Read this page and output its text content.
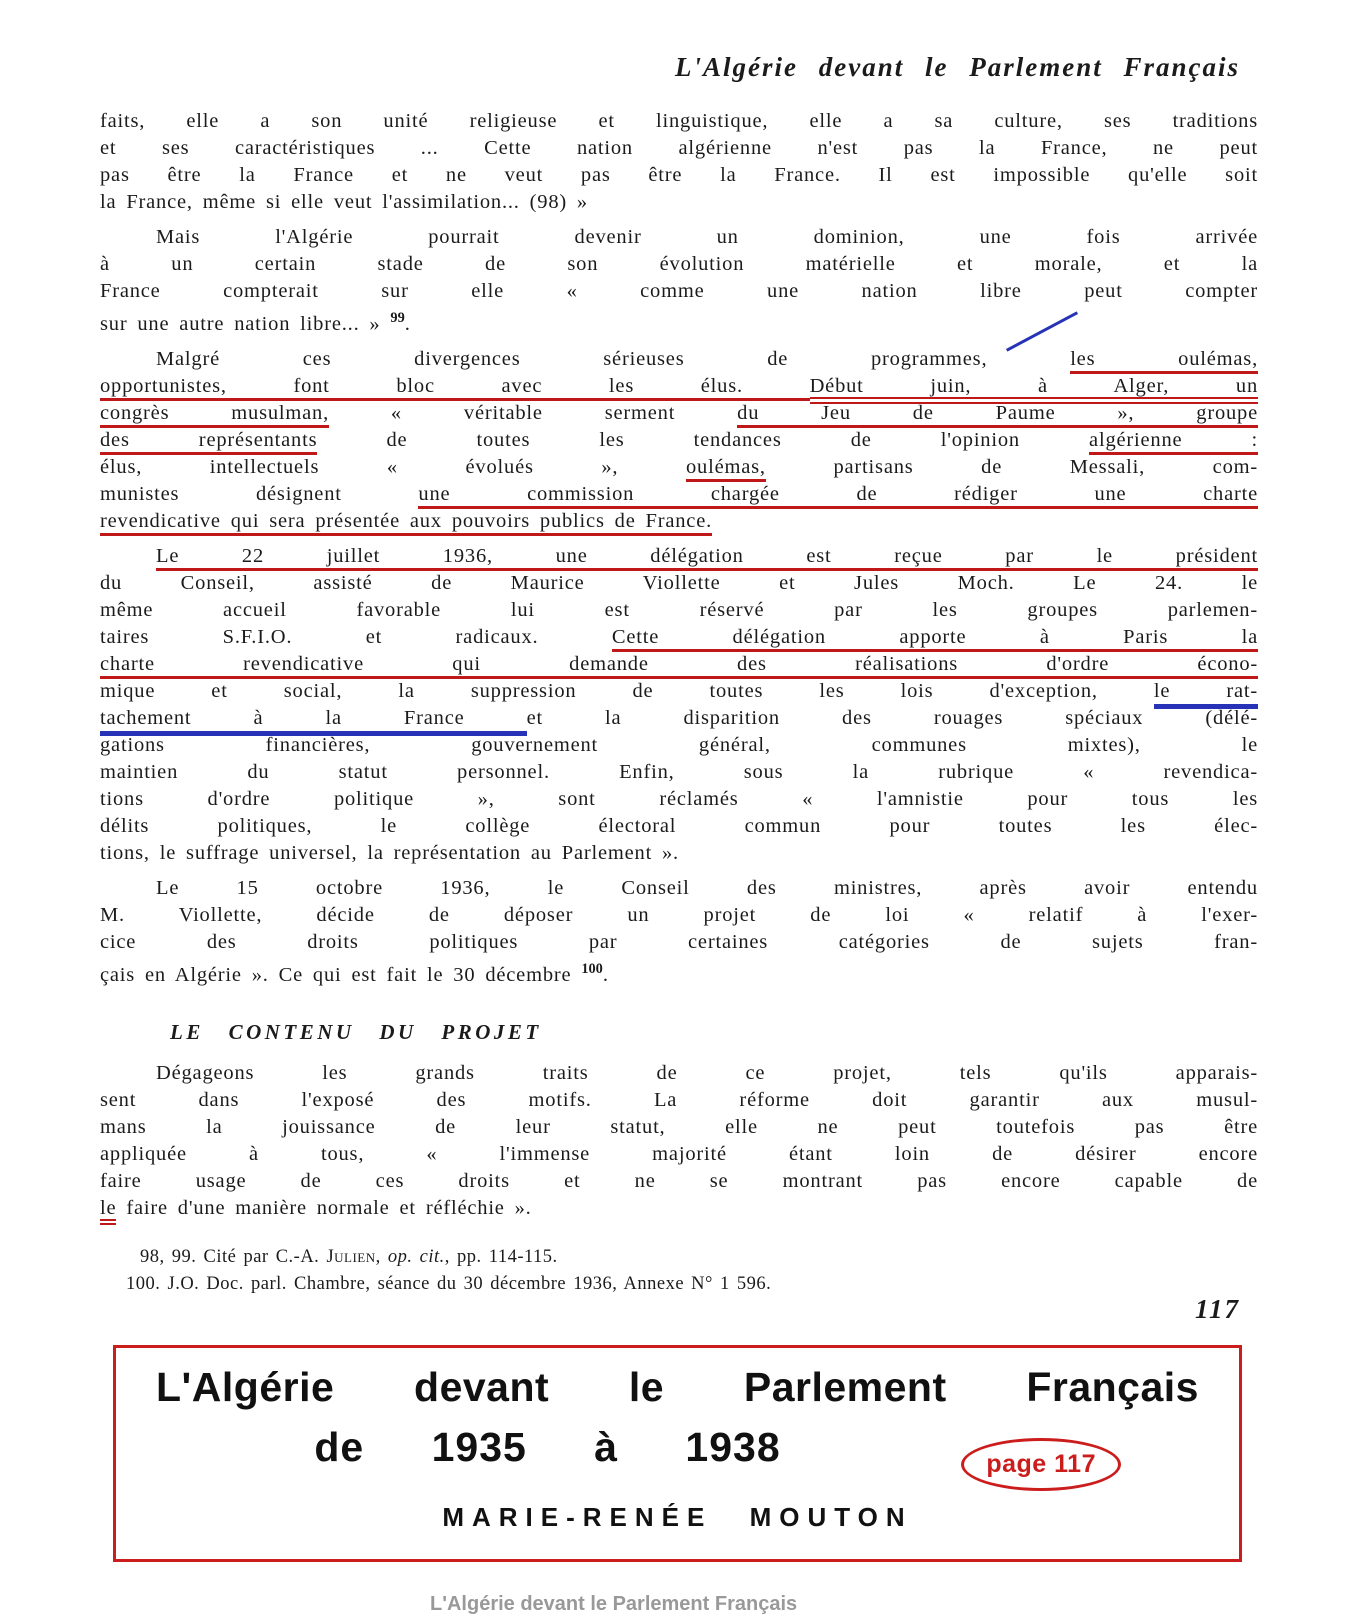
L'Algérie devant le Parlement Français
faits, elle a son unité religieuse et linguistique, elle a sa culture, ses traditions
et ses caractéristiques ... Cette nation algérienne n'est pas la France, ne peut
pas être la France et ne veut pas être la France. Il est impossible qu'elle soit
la France, même si elle veut l'assimilation... (98) »
Mais l'Algérie pourrait devenir un dominion, une fois arrivée
à un certain stade de son évolution matérielle et morale, et la
France compterait sur elle « comme une nation libre peut compter
sur une autre nation libre... » $^{99}$.
Malgré ces divergences sérieuses de programmes, les oulémas,
opportunistes, font bloc avec les élus. Début juin, à Alger, un
congrès musulman, « véritable serment du Jeu de Paume », groupe
des représentants de toutes les tendances de l'opinion algérienne :
élus, intellectuels « évolués », oulémas, partisans de Messali, com-
munistes désignent une commission chargée de rédiger une charte
revendicative qui sera présentée aux pouvoirs publics de France.
Le 22 juillet 1936, une délégation est reçue par le président
du Conseil, assisté de Maurice Viollette et Jules Moch. Le 24. le
même accueil favorable lui est réservé par les groupes parlemen-
taires S.F.I.O. et radicaux. Cette délégation apporte à Paris la
charte revendicative qui demande des réalisations d'ordre écono-
mique et social, la suppression de toutes les lois d'exception, le rat-
tachement à la France et la disparition des rouages spéciaux (délé-
gations financières, gouvernement général, communes mixtes), le
maintien du statut personnel. Enfin, sous la rubrique « revendica-
tions d'ordre politique », sont réclamés « l'amnistie pour tous les
délits politiques, le collège électoral commun pour toutes les élec-
tions, le suffrage universel, la représentation au Parlement ».
Le 15 octobre 1936, le Conseil des ministres, après avoir entendu
M. Viollette, décide de déposer un projet de loi « relatif à l'exer-
cice des droits politiques par certaines catégories de sujets fran-
çais en Algérie ». Ce qui est fait le 30 décembre $^{100}$.
LE CONTENU DU PROJET
Dégageons les grands traits de ce projet, tels qu'ils apparais-
sent dans l'exposé des motifs. La réforme doit garantir aux musul-
mans la jouissance de leur statut, elle ne peut toutefois pas être
appliquée à tous, « l'immense majorité étant loin de désirer encore
faire usage de ces droits et ne se montrant pas encore capable de
le faire d'une manière normale et réfléchie ».
98, 99. Cité par C.-A. Julien, op. cit., pp. 114-115.
100. J.O. Doc. parl. Chambre, séance du 30 décembre 1936, Annexe N° 1 596.
117
L'Algérie devant le Parlement Français
de 1935 à 1938	page 117
MARIE-RENÉE MOUTON
L'Algérie devant le Parlement Français
